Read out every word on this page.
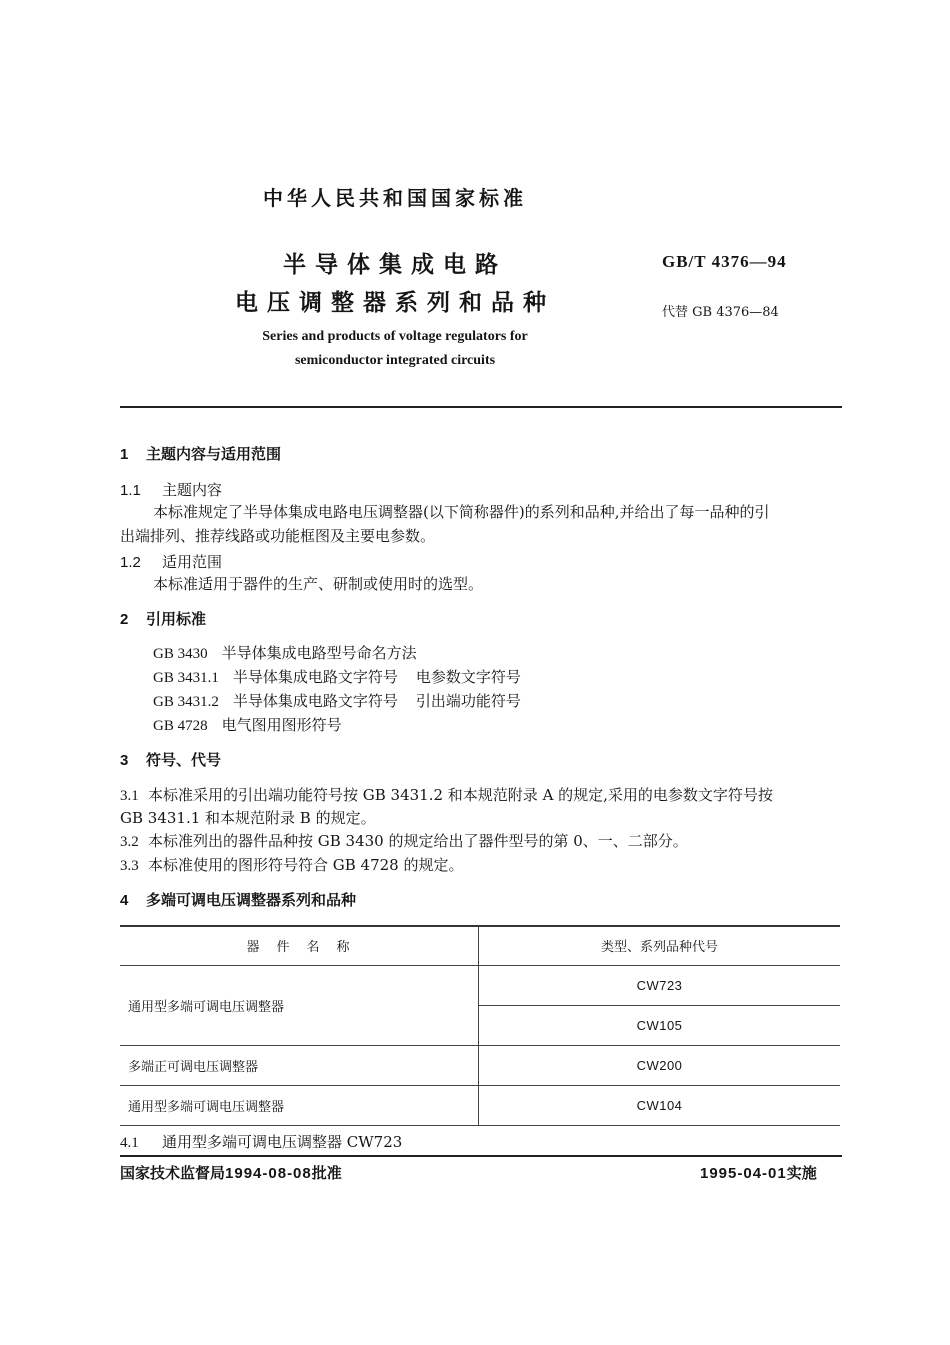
中华人民共和国国家标准
半导体集成电路
电压调整器系列和品种
GB/T 4376—94
代替 GB 4376—84
Series and products of voltage regulators for
semiconductor integrated circuits
1 主题内容与适用范围
1.1 主题内容
本标准规定了半导体集成电路电压调整器(以下简称器件)的系列和品种,并给出了每一品种的引
出端排列、推荐线路或功能框图及主要电参数。
1.2 适用范围
本标准适用于器件的生产、研制或使用时的选型。
2 引用标准
GB 3430 半导体集成电路型号命名方法
GB 3431.1 半导体集成电路文字符号 电参数文字符号
GB 3431.2 半导体集成电路文字符号 引出端功能符号
GB 4728 电气图用图形符号
3 符号、代号
3.1 本标准采用的引出端功能符号按 GB 3431.2 和本规范附录 A 的规定,采用的电参数文字符号按
GB 3431.1 和本规范附录 B 的规定。
3.2 本标准列出的器件品种按 GB 3430 的规定给出了器件型号的第 0、一、二部分。
3.3 本标准使用的图形符号符合 GB 4728 的规定。
4 多端可调电压调整器系列和品种
器　件　名　称	类型、系列品种代号
通用型多端可调电压调整器	CW723
	CW105
多端正可调电压调整器	CW200
通用型多端可调电压调整器	CW104
4.1 通用型多端可调电压调整器 CW723
国家技术监督局1994-08-08批准	1995-04-01实施
